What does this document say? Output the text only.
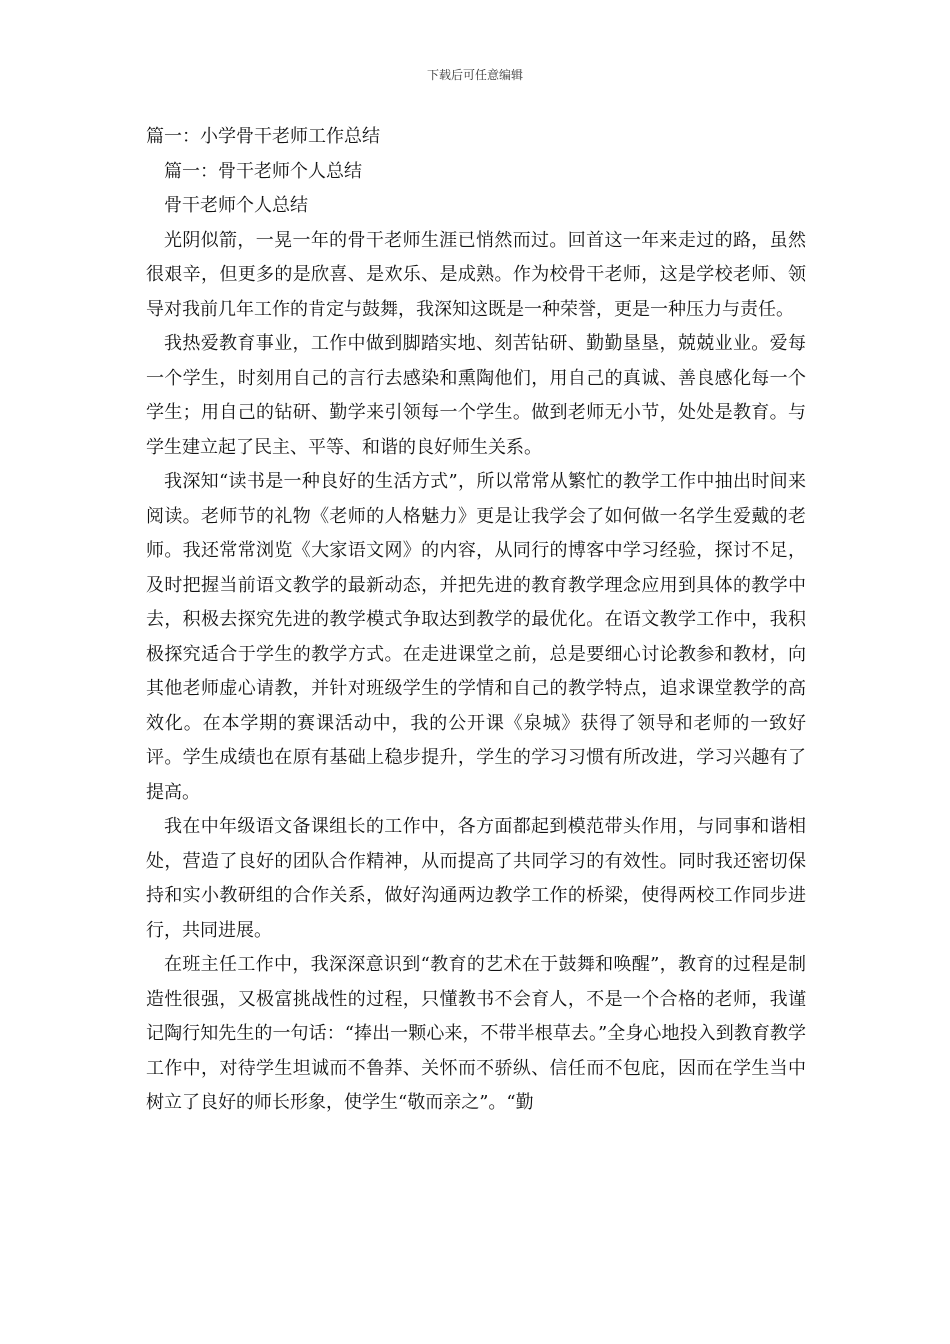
下载后可任意编辑

篇一：小学骨干老师工作总结

篇一：骨干老师个人总结

骨干老师个人总结

光阴似箭，一晃一年的骨干老师生涯已悄然而过。回首这一年来走过的路，虽然很艰辛，但更多的是欣喜、是欢乐、是成熟。作为校骨干老师，这是学校老师、领导对我前几年工作的肯定与鼓舞，我深知这既是一种荣誉，更是一种压力与责任。

我热爱教育事业，工作中做到脚踏实地、刻苦钻研、勤勤垦垦，兢兢业业。爱每一个学生，时刻用自己的言行去感染和熏陶他们，用自己的真诚、善良感化每一个学生；用自己的钻研、勤学来引领每一个学生。做到老师无小节，处处是教育。与学生建立起了民主、平等、和谐的良好师生关系。

我深知“读书是一种良好的生活方式”，所以常常从繁忙的教学工作中抽出时间来阅读。老师节的礼物《老师的人格魅力》更是让我学会了如何做一名学生爱戴的老师。我还常常浏览《大家语文网》的内容，从同行的博客中学习经验，探讨不足，及时把握当前语文教学的最新动态，并把先进的教育教学理念应用到具体的教学中去，积极去探究先进的教学模式争取达到教学的最优化。在语文教学工作中，我积极探究适合于学生的教学方式。在走进课堂之前，总是要细心讨论教参和教材，向其他老师虚心请教，并针对班级学生的学情和自己的教学特点，追求课堂教学的高效化。在本学期的赛课活动中，我的公开课《泉城》获得了领导和老师的一致好评。学生成绩也在原有基础上稳步提升，学生的学习习惯有所改进，学习兴趣有了提高。

我在中年级语文备课组长的工作中，各方面都起到模范带头作用，与同事和谐相处，营造了良好的团队合作精神，从而提高了共同学习的有效性。同时我还密切保持和实小教研组的合作关系，做好沟通两边教学工作的桥梁，使得两校工作同步进行，共同进展。

在班主任工作中，我深深意识到“教育的艺术在于鼓舞和唤醒”，教育的过程是制造性很强，又极富挑战性的过程，只懂教书不会育人，不是一个合格的老师，我谨记陶行知先生的一句话：“捧出一颗心来，不带半根草去。”全身心地投入到教育教学工作中，对待学生坦诚而不鲁莽、关怀而不骄纵、信任而不包庇，因而在学生当中树立了良好的师长形象，使学生“敬而亲之”。“勤
